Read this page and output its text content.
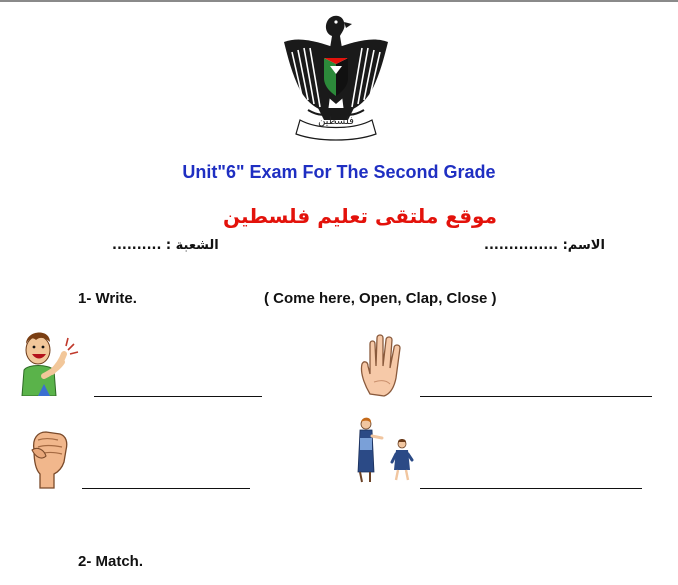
فلسطين
Unit"6" Exam For The Second Grade
موقع ملتقى تعليم فلسطين
الاسم: ...............
الشعبة : ..........
1- Write.	( Come here, Open, Clap, Close )
2- Match.
